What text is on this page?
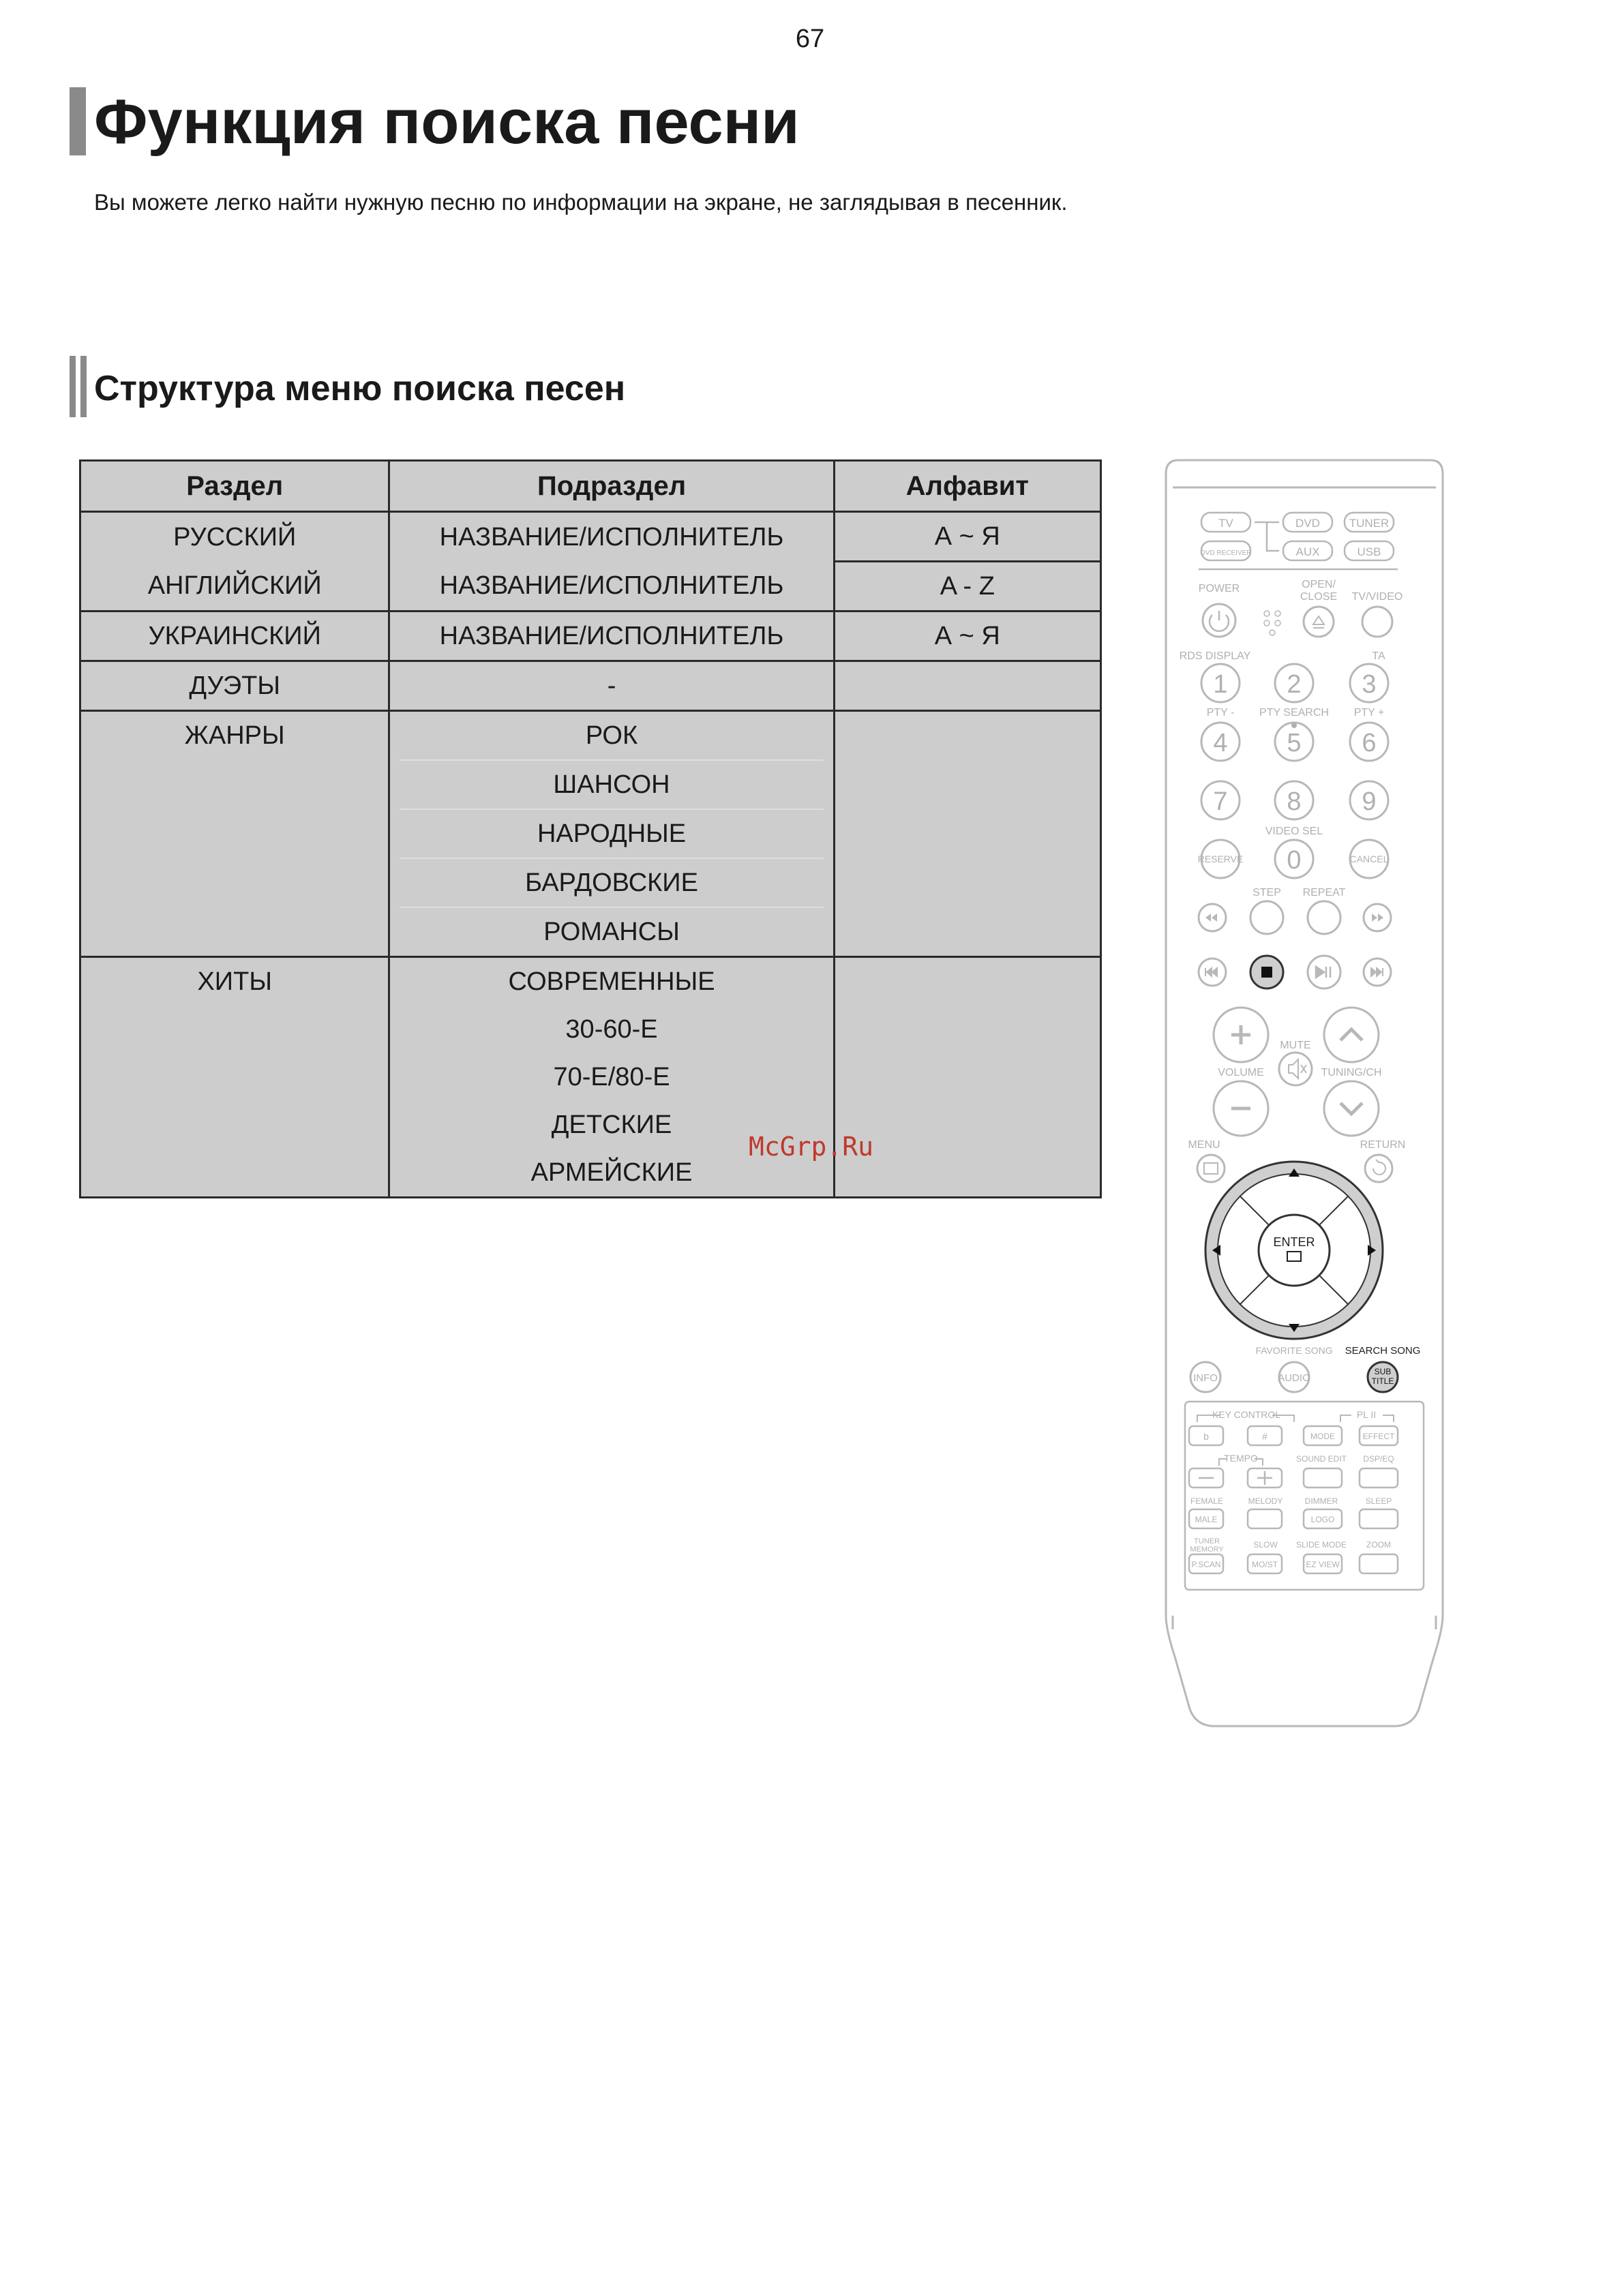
67
Функция поиска песни
Вы можете легко найти нужную песню по информации на экране, не заглядывая в песенник.
Структура меню поиска песен
Раздел	Подраздел	Алфавит
РУССКИЙ	НАЗВАНИЕ/ИСПОЛНИТЕЛЬ	А ~ Я
АНГЛИЙСКИЙ	НАЗВАНИЕ/ИСПОЛНИТЕЛЬ	A - Z
УКРАИНСКИЙ	НАЗВАНИЕ/ИСПОЛНИТЕЛЬ	А ~ Я
ДУЭТЫ	-	

ЖАНРЫ	РОК
ШАНСОН
НАРОДНЫЕ
БАРДОВСКИЕ
РОМАНСЫ	

ХИТЫ	СОВРЕМЕННЫЕ
30-60-Е
70-Е/80-Е
ДЕТСКИЕ
АРМЕЙСКИЕ	

McGrp.Ru
TV	DVD	TUNER
DVD RECEIVER	AUX	USB
POWER	OPEN/
CLOSE TV/VIDEO
RDS DISPLAY	TA
PTY - PTY SEARCH PTY +
VIDEO SEL
STEP REPEAT
MUTE
VOLUME	TUNING/CH
MENU	RETURN
FAVORITE SONG SEARCH SONG
1 2 3
4 5 6
7 8 9
0
RESERVE	CANCEL
ENTER
INFO	AUDIO
SUB
TITLE
KEY CONTROL	PL II
TEMPO	SOUND EDIT DSP/EQ
FEMALE	MELODY	DIMMER	SLEEP
TUNER
MEMORY	SLOW SLIDE MODE ZOOM
b	#	MODE	EFFECT
MALE	LOGO
P.SCAN	MO/ST	EZ VIEW
